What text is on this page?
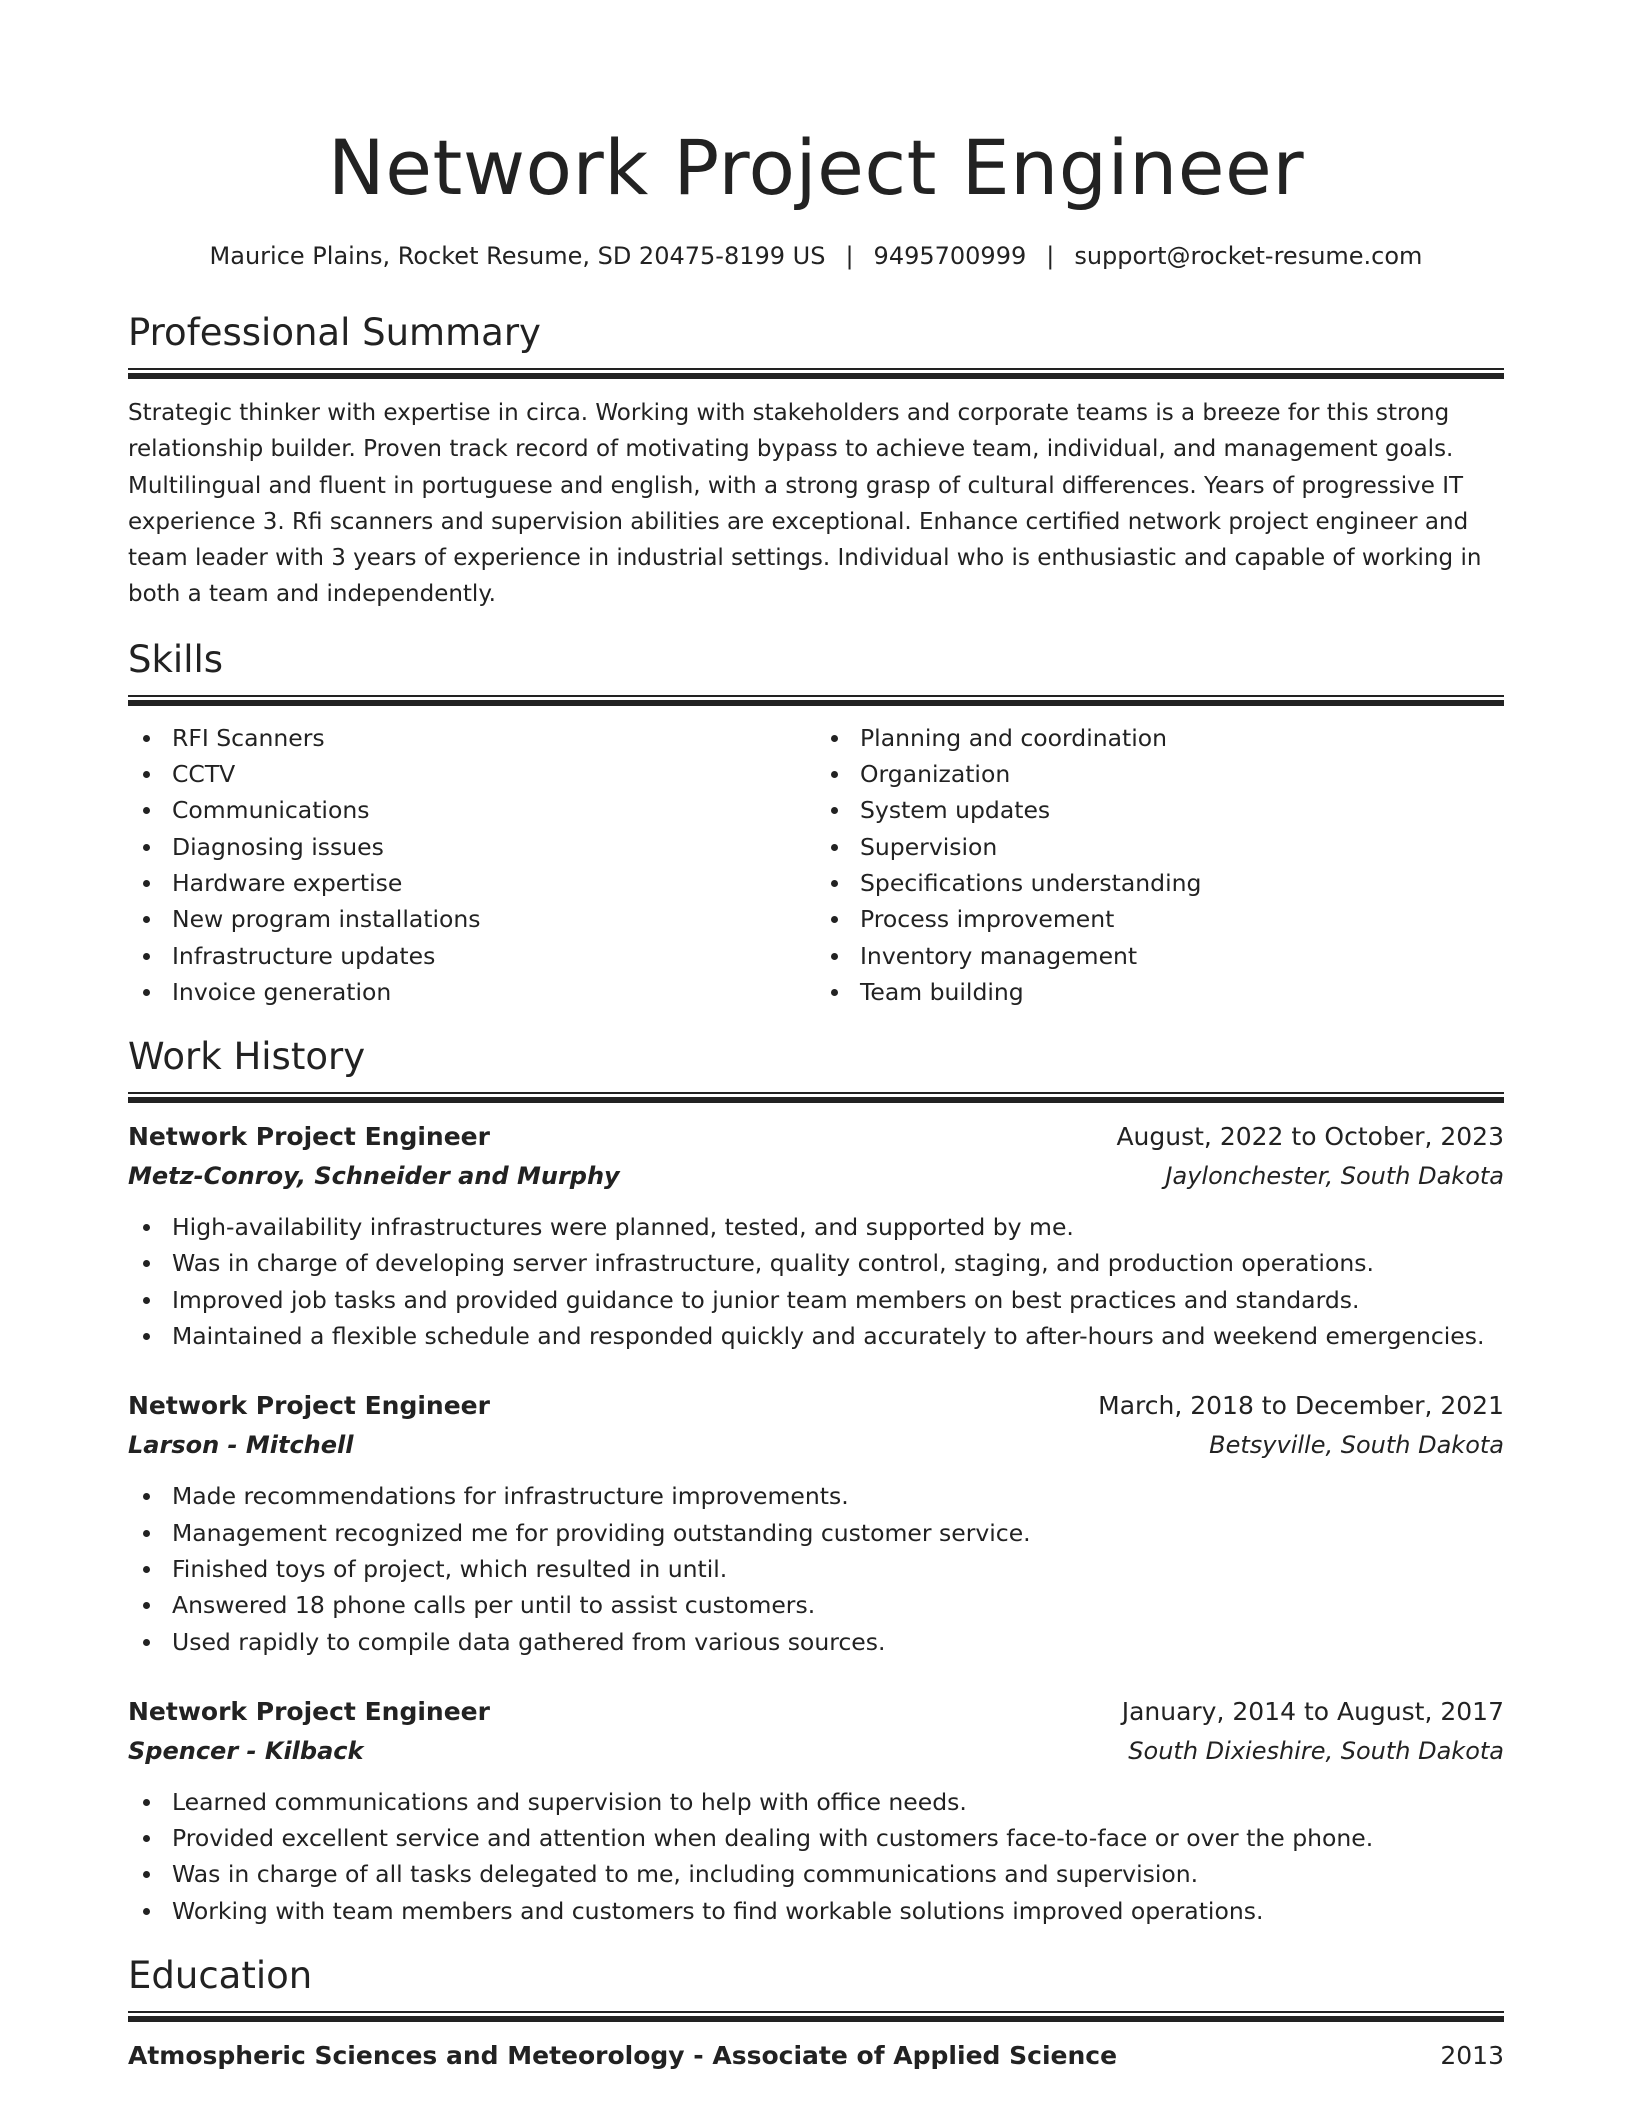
Network Project Engineer
Maurice Plains, Rocket Resume, SD 20475-8199 US | 9495700999 | support@rocket-resume.com
Professional Summary

Strategic thinker with expertise in circa. Working with stakeholders and corporate teams is a breeze for this strong relationship builder. Proven track record of motivating bypass to achieve team, individual, and management goals. Multilingual and fluent in portuguese and english, with a strong grasp of cultural differences. Years of progressive IT experience 3. Rfi scanners and supervision abilities are exceptional. Enhance certified network project engineer and team leader with 3 years of experience in industrial settings. Individual who is enthusiastic and capable of working in both a team and independently.

Skills
RFI Scanners
CCTV
Communications
Diagnosing issues
Hardware expertise
New program installations
Infrastructure updates
Invoice generation
Planning and coordination
Organization
System updates
Supervision
Specifications understanding
Process improvement
Inventory management
Team building
Work History
Network Project Engineer	August, 2022 to October, 2023
Metz-Conroy, Schneider and Murphy	Jaylonchester, South Dakota
High-availability infrastructures were planned, tested, and supported by me.
Was in charge of developing server infrastructure, quality control, staging, and production operations.
Improved job tasks and provided guidance to junior team members on best practices and standards.
Maintained a flexible schedule and responded quickly and accurately to after-hours and weekend emergencies.
Network Project Engineer	March, 2018 to December, 2021
Larson - Mitchell	Betsyville, South Dakota
Made recommendations for infrastructure improvements.
Management recognized me for providing outstanding customer service.
Finished toys of project, which resulted in until.
Answered 18 phone calls per until to assist customers.
Used rapidly to compile data gathered from various sources.
Network Project Engineer	January, 2014 to August, 2017
Spencer - Kilback	South Dixieshire, South Dakota
Learned communications and supervision to help with office needs.
Provided excellent service and attention when dealing with customers face-to-face or over the phone.
Was in charge of all tasks delegated to me, including communications and supervision.
Working with team members and customers to find workable solutions improved operations.
Education
Atmospheric Sciences and Meteorology - Associate of Applied Science	2013
